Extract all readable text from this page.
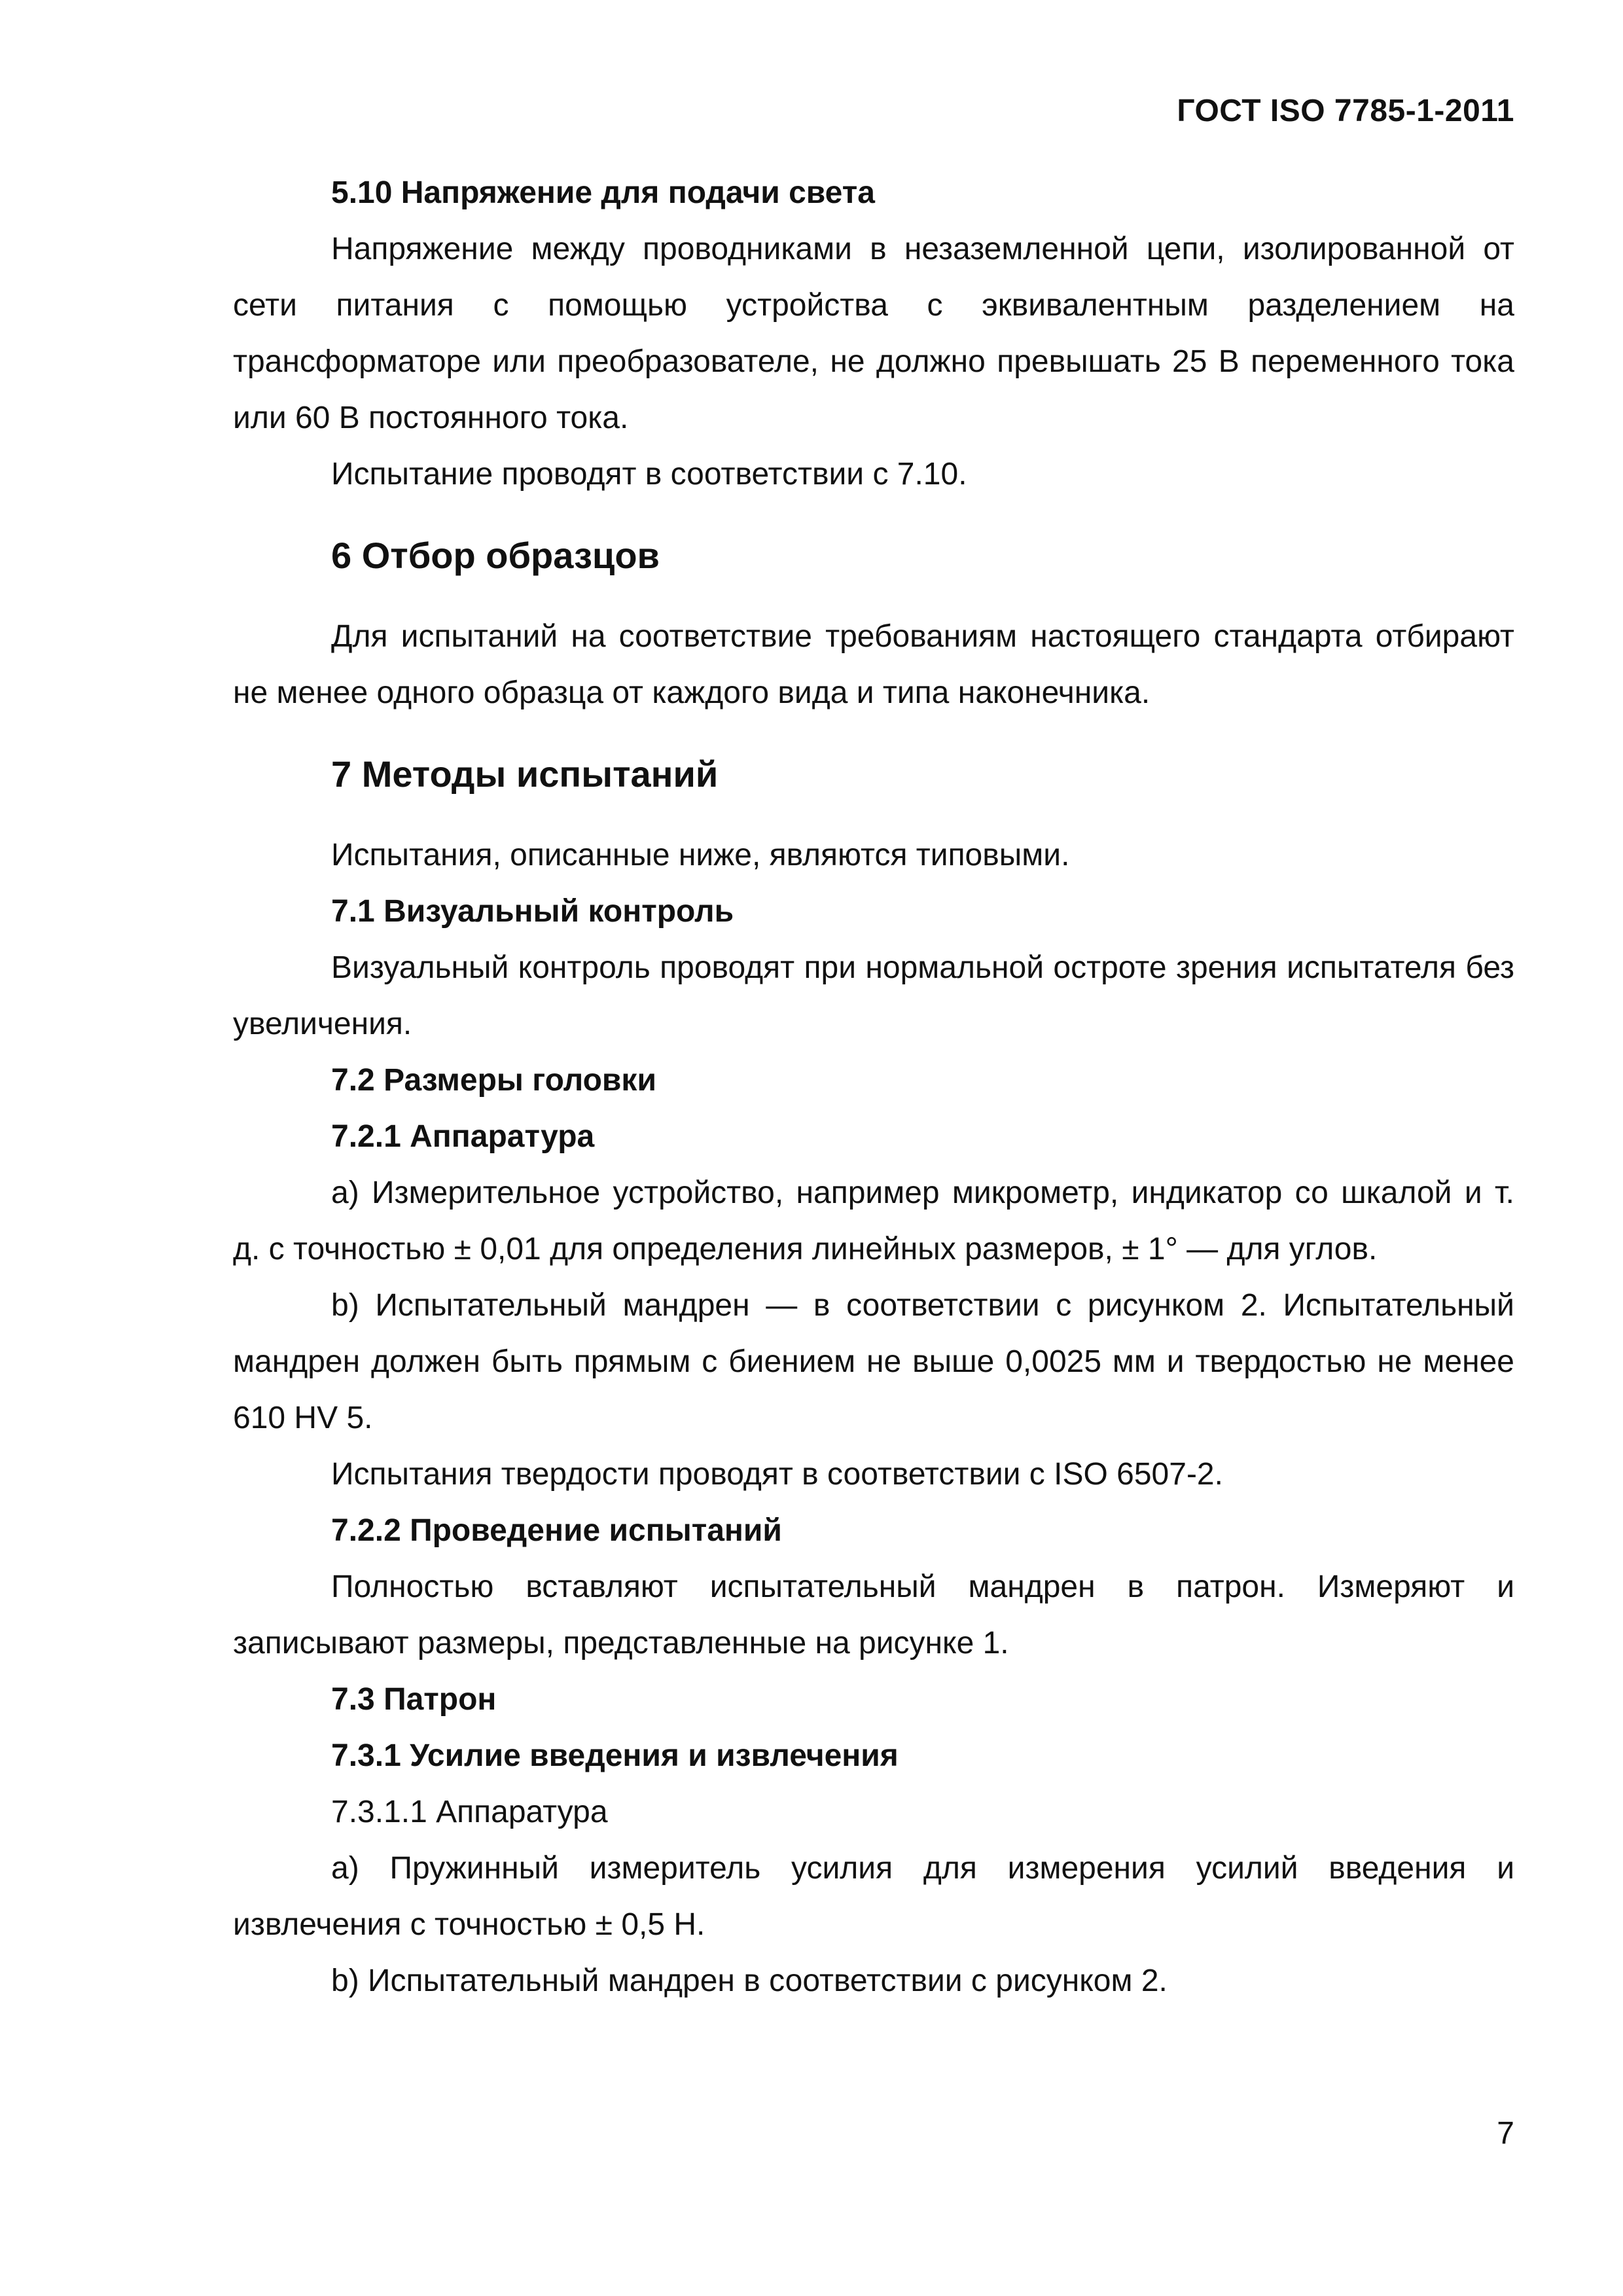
ГОСТ ISO 7785-1-2011

5.10 Напряжение для подачи света

Напряжение между проводниками в незаземленной цепи, изолированной от сети питания с помощью устройства с эквивалентным разделением на трансформаторе или преобразователе, не должно превышать 25 В переменного тока или 60 В постоянного тока.

Испытание проводят в соответствии с 7.10.

6 Отбор образцов

Для испытаний на соответствие требованиям настоящего стандарта отбирают не менее одного образца от каждого вида и типа наконечника.

7 Методы испытаний

Испытания, описанные ниже, являются типовыми.

7.1 Визуальный контроль

Визуальный контроль проводят при нормальной остроте зрения испытателя без увеличения.

7.2 Размеры головки

7.2.1 Аппаратура

a) Измерительное устройство, например микрометр, индикатор со шкалой и т. д. с точностью ± 0,01 для определения линейных размеров, ± 1° — для углов.

b) Испытательный мандрен — в соответствии с рисунком 2. Испытательный мандрен должен быть прямым с биением не выше 0,0025 мм и твердостью не менее 610 HV 5.

Испытания твердости проводят в соответствии с ISO 6507-2.

7.2.2 Проведение испытаний

Полностью вставляют испытательный мандрен в патрон. Измеряют и записывают размеры, представленные на рисунке 1.

7.3 Патрон

7.3.1 Усилие введения и извлечения

7.3.1.1 Аппаратура

a) Пружинный измеритель усилия для измерения усилий введения и извлечения с точностью ± 0,5 Н.

b) Испытательный мандрен в соответствии с рисунком 2.

7
